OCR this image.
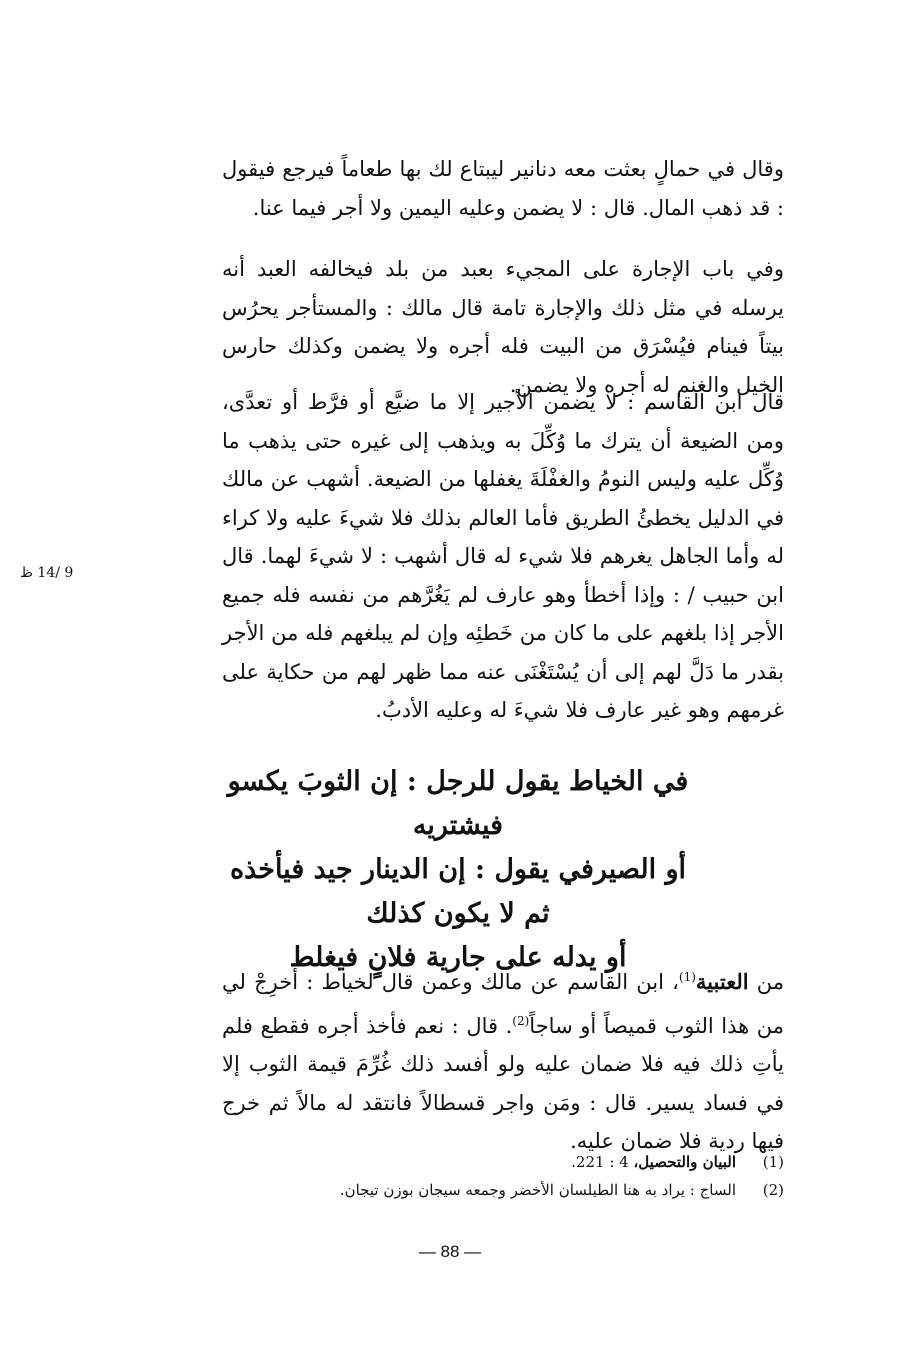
وقال في حمالٍ بعثت معه دنانير ليبتاع لك بها طعاماً فيرجع فيقول : قد ذهب المال. قال : لا يضمن وعليه اليمين ولا أجر فيما عنا.

وفي باب الإجارة على المجيء بعبد من بلد فيخالفه العبد أنه يرسله في مثل ذلك والإجارة تامة قال مالك : والمستأجر يحرُس بيتاً فينام فيُسْرَق من البيت فله أجره ولا يضمن وكذلك حارس الخيل والغنم له أجره ولا يضمن.

قال ابن القاسم : لا يضمن الأجير إلا ما ضيَّع أو فرَّط أو تعدَّى، ومن الضيعة أن يترك ما وُكِّلَ به ويذهب إلى غيره حتى يذهب ما وُكِّل عليه وليس النومُ والغفْلَةَ يغفلها من الضيعة. أشهب عن مالك في الدليل يخطئُ الطريق فأما العالم بذلك فلا شيءَ عليه ولا كراء له وأما الجاهل يغرهم فلا شيء له قال أشهب : لا شيءَ لهما. قال ابن حبيب / : وإذا أخطأ وهو عارف لم يَغُرَّهم من نفسه فله جميع الأجر إذا بلغهم على ما كان من خَطئِه وإن لم يبلغهم فله من الأجر بقدر ما دَلَّ لهم إلى أن يُسْتَغْنَى عنه مما ظهر لهم من حكاية على غرمهم وهو غير عارف فلا شيءَ له وعليه الأدبُ.

9 /14 ظ
في الخياط يقول للرجل : إن الثوبَ يكسو فيشتريه
أو الصيرفي يقول : إن الدينار جيد فيأخذه
ثم لا يكون كذلك
أو يدله على جارية فلانٍ فيغلط

من العتبية$^{(1)}$، ابن القاسم عن مالك وعمن قال لخياط : أخرِجْ لي من هذا الثوب قميصاً أو ساجاً$^{(2)}$. قال : نعم فأخذ أجره فقطع فلم يأتِ ذلك فيه فلا ضمان عليه ولو أفسد ذلك غُرِّمَ قيمة الثوب إلا في فساد يسير. قال : ومَن واجر قسطالاً فانتقد له مالاً ثم خرج فيها ردية فلا ضمان عليه.

(1)
البيان والتحصيل، 4 : 221.
(2)
الساج : يراد به هنا الطيلسان الأخضر وجمعه سيجان بوزن تيجان.
— 88 —
